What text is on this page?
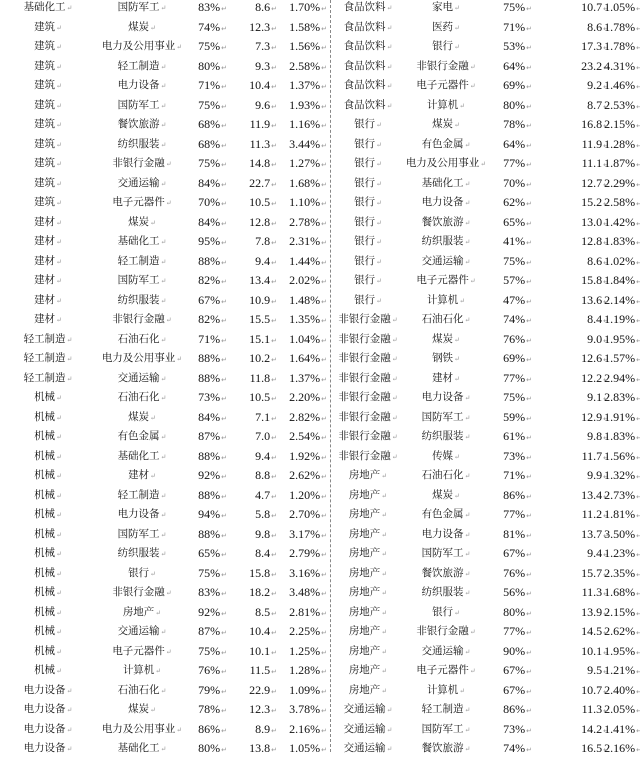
基础化工 ↵	国防军工 ↵	83% ↵	8.6 ↵	1.70% ↵	食品饮料 ↵	家电 ↵	75% ↵	10.7 ↵ 1.05% ↵
建筑 ↵	煤炭 ↵	74% ↵	12.3 ↵	1.58% ↵	食品饮料 ↵	医药 ↵	71% ↵	8.6 ↵ 1.78% ↵
建筑 ↵	电力及公用事业 ↵	75% ↵	7.3 ↵	1.56% ↵	食品饮料 ↵	银行 ↵	53% ↵	17.3 ↵ 1.78% ↵
建筑 ↵	轻工制造 ↵	80% ↵	9.3 ↵	2.58% ↵	食品饮料 ↵	非银行金融 ↵	64% ↵	23.2 ↵ 4.31% ↵
建筑 ↵	电力设备 ↵	71% ↵	10.4 ↵	1.37% ↵	食品饮料 ↵	电子元器件 ↵	69% ↵	9.2 ↵ 1.46% ↵
建筑 ↵	国防军工 ↵	75% ↵	9.6 ↵	1.93% ↵	食品饮料 ↵	计算机 ↵	80% ↵	8.7 ↵ 2.53% ↵
建筑 ↵	餐饮旅游 ↵	68% ↵	11.9 ↵	1.16% ↵	银行 ↵	煤炭 ↵	78% ↵	16.8 ↵ 2.15% ↵
建筑 ↵	纺织服装 ↵	68% ↵	11.3 ↵	3.44% ↵	银行 ↵	有色金属 ↵	64% ↵	11.9 ↵ 1.28% ↵
建筑 ↵	非银行金融 ↵	75% ↵	14.8 ↵	1.27% ↵	银行 ↵	电力及公用事业 ↵	77% ↵	11.1 ↵ 1.87% ↵
建筑 ↵	交通运输 ↵	84% ↵	22.7 ↵	1.68% ↵	银行 ↵	基础化工 ↵	70% ↵	12.7 ↵ 2.29% ↵
建筑 ↵	电子元器件 ↵	70% ↵	10.5 ↵	1.10% ↵	银行 ↵	电力设备 ↵	62% ↵	15.2 ↵ 2.58% ↵
建材 ↵	煤炭 ↵	84% ↵	12.8 ↵	2.78% ↵	银行 ↵	餐饮旅游 ↵	65% ↵	13.0 ↵ 1.42% ↵
建材 ↵	基础化工 ↵	95% ↵	7.8 ↵	2.31% ↵	银行 ↵	纺织服装 ↵	41% ↵	12.8 ↵ 1.83% ↵
建材 ↵	轻工制造 ↵	88% ↵	9.4 ↵	1.44% ↵	银行 ↵	交通运输 ↵	75% ↵	8.6 ↵ 1.02% ↵
建材 ↵	国防军工 ↵	82% ↵	13.4 ↵	2.02% ↵	银行 ↵	电子元器件 ↵	57% ↵	15.8 ↵ 1.84% ↵
建材 ↵	纺织服装 ↵	67% ↵	10.9 ↵	1.48% ↵	银行 ↵	计算机 ↵	47% ↵	13.6 ↵ 2.14% ↵
建材 ↵	非银行金融 ↵	82% ↵	15.5 ↵	1.35% ↵	非银行金融 ↵	石油石化 ↵	74% ↵	8.4 ↵ 1.19% ↵
轻工制造 ↵	石油石化 ↵	71% ↵	15.1 ↵	1.04% ↵	非银行金融 ↵	煤炭 ↵	76% ↵	9.0 ↵ 1.95% ↵
轻工制造 ↵	电力及公用事业 ↵	88% ↵	10.2 ↵	1.64% ↵	非银行金融 ↵	钢铁 ↵	69% ↵	12.6 ↵ 1.57% ↵
轻工制造 ↵	交通运输 ↵	88% ↵	11.8 ↵	1.37% ↵	非银行金融 ↵	建材 ↵	77% ↵	12.2 ↵ 2.94% ↵
机械 ↵	石油石化 ↵	73% ↵	10.5 ↵	2.20% ↵	非银行金融 ↵	电力设备 ↵	75% ↵	9.1 ↵ 2.83% ↵
机械 ↵	煤炭 ↵	84% ↵	7.1 ↵	2.82% ↵	非银行金融 ↵	国防军工 ↵	59% ↵	12.9 ↵ 1.91% ↵
机械 ↵	有色金属 ↵	87% ↵	7.0 ↵	2.54% ↵	非银行金融 ↵	纺织服装 ↵	61% ↵	9.8 ↵ 1.83% ↵
机械 ↵	基础化工 ↵	88% ↵	9.4 ↵	1.92% ↵	非银行金融 ↵	传媒 ↵	73% ↵	11.7 ↵ 1.56% ↵
机械 ↵	建材 ↵	92% ↵	8.8 ↵	2.62% ↵	房地产 ↵	石油石化 ↵	71% ↵	9.9 ↵ 1.32% ↵
机械 ↵	轻工制造 ↵	88% ↵	4.7 ↵	1.20% ↵	房地产 ↵	煤炭 ↵	86% ↵	13.4 ↵ 2.73% ↵
机械 ↵	电力设备 ↵	94% ↵	5.8 ↵	2.70% ↵	房地产 ↵	有色金属 ↵	77% ↵	11.2 ↵ 1.81% ↵
机械 ↵	国防军工 ↵	88% ↵	9.8 ↵	3.17% ↵	房地产 ↵	电力设备 ↵	81% ↵	13.7 ↵ 3.50% ↵
机械 ↵	纺织服装 ↵	65% ↵	8.4 ↵	2.79% ↵	房地产 ↵	国防军工 ↵	67% ↵	9.4 ↵ 1.23% ↵
机械 ↵	银行 ↵	75% ↵	15.8 ↵	3.16% ↵	房地产 ↵	餐饮旅游 ↵	76% ↵	15.7 ↵ 2.35% ↵
机械 ↵	非银行金融 ↵	83% ↵	18.2 ↵	3.48% ↵	房地产 ↵	纺织服装 ↵	56% ↵	11.3 ↵ 1.68% ↵
机械 ↵	房地产 ↵	92% ↵	8.5 ↵	2.81% ↵	房地产 ↵	银行 ↵	80% ↵	13.9 ↵ 2.15% ↵
机械 ↵	交通运输 ↵	87% ↵	10.4 ↵	2.25% ↵	房地产 ↵	非银行金融 ↵	77% ↵	14.5 ↵ 2.62% ↵
机械 ↵	电子元器件 ↵	75% ↵	10.1 ↵	1.25% ↵	房地产 ↵	交通运输 ↵	90% ↵	10.1 ↵ 1.95% ↵
机械 ↵	计算机 ↵	76% ↵	11.5 ↵	1.28% ↵	房地产 ↵	电子元器件 ↵	67% ↵	9.5 ↵ 1.21% ↵
电力设备 ↵	石油石化 ↵	79% ↵	22.9 ↵	1.09% ↵	房地产 ↵	计算机 ↵	67% ↵	10.7 ↵ 2.40% ↵
电力设备 ↵	煤炭 ↵	78% ↵	12.3 ↵	3.78% ↵	交通运输 ↵	轻工制造 ↵	86% ↵	11.3 ↵ 2.05% ↵
电力设备 ↵	电力及公用事业 ↵	86% ↵	8.9 ↵	2.16% ↵	交通运输 ↵	国防军工 ↵	73% ↵	14.2 ↵ 1.41% ↵
电力设备 ↵	基础化工 ↵	80% ↵	13.8 ↵	1.05% ↵	交通运输 ↵	餐饮旅游 ↵	74% ↵	16.5 ↵ 2.16% ↵
